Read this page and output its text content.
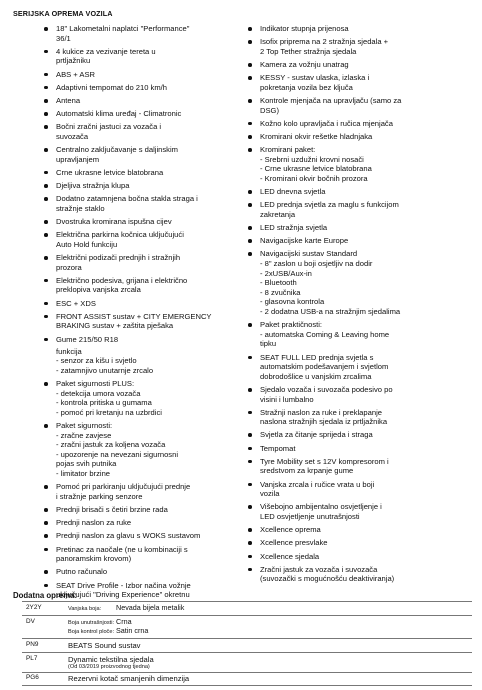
SERIJSKA OPREMA VOZILA
18" Lakometalni naplatci "Performance"
36/1
4 kukice za vezivanje tereta u
prtljažniku
ABS + ASR
Adaptivni tempomat do 210 km/h
Antena
Automatski klima uređaj - Climatronic
Bočni zračni jastuci za vozača i
suvozača
Centralno zaključavanje s daljinskim
upravljanjem
Crne ukrasne letvice blatobrana
Djeljiva stražnja klupa
Dodatno zatamnjena bočna stakla straga i
stražnje staklo
Dvostruka kromirana ispušna cijev
Električna parkirna kočnica uključujući
Auto Hold funkciju
Električni podizači prednjih i stražnjih
prozora
Električno podesiva, grijana i električno
preklopiva vanjska zrcala
ESC + XDS
FRONT ASSIST sustav + CITY EMERGENCY
BRAKING sustav + zaštita pješaka
Gume 215/50 R18
funkcija
- senzor za kišu i svjetlo
- zatamnjivo unutarnje zrcalo
Paket sigurnosti PLUS:
- detekcija umora vozača
- kontrola pritiska u gumama
- pomoć pri kretanju na uzbrdici
Paket sigurnosti:
- zračne zavjese
- zračni jastuk za koljena vozača
- upozorenje na nevezani sigurnosni
pojas svih putnika
- limitator brzine
Pomoć pri parkiranju uključujući prednje
i stražnje parking senzore
Prednji brisači s četiri brzine rada
Prednji naslon za ruke
Prednji naslon za glavu s WOKS sustavom
Pretinac za naočale (ne u kombinaciji s
panoramskim krovom)
Putno računalo
SEAT Drive Profile - Izbor načina vožnje
uključujući "Driving Experience" okretnu
Indikator stupnja prijenosa
Isofix pripremа na 2 stražnja sjedala +
2 Top Tether stražnja sjedala
Kamera za vožnju unatrag
KESSY - sustav ulaska, izlaska i
pokretanja vozila bez ključa
Kontrole mjenjača na upravljaču (samo za
DSG)
Kožno kolo upravljača i ručica mjenjača
Kromirani okvir rešetke hladnjaka
Kromirani paket:
- Srebrni uzdužni krovni nosači
- Crne ukrasne letvice blatobrana
- Kromirani okvir bočnih prozora
LED dnevna svjetla
LED prednja svjetla za maglu s funkcijom
zakretanja
LED stražnja svjetla
Navigacijske karte Europe
Navigacijski sustav Standard
- 8" zaslon u boji osjetljiv na dodir
- 2xUSB/Aux-in
- Bluetooth
- 8 zvučnika
- glasovna kontrola
- 2 dodatna USB-a na stražnjim sjedalima
Paket praktičnosti:
- automatska Coming & Leaving home
tipku
SEAT FULL LED prednja svjetla s
automatskim podešavanjem i svjetlom
dobrodošlice u vanjskim zrcalima
Sjedalo vozača i suvozača podesivo po
visini i lumbalno
Stražnji naslon za ruke i preklapanje
naslona stražnjih sjedala iz prtljažnika
Svjetla za čitanje sprijeda i straga
Tempomat
Tyre Mobility set s 12V kompresorom i
sredstvom za krpanje gume
Vanjska zrcala i ručice vrata u boji
vozila
Višebojno ambijentalno osvjetljenje i
LED osvjetljenje unutrašnjosti
Xcellence oprema
Xcellence presvlake
Xcellence sjedala
Zračni jastuk za vozača i suvozača
(suvozački s mogućnošću deaktiviranja)
Dodatna oprema:
2Y2Y	Vanjska boja: Nevada bijela metalik

DV	Boja unutrašnjosti: Crna
Boja kontrol ploče: Satin crna

PN9	BEATS Sound sustav
PL7	Dynamic tekstilna sjedala
(Od 03/2019 proizvodnog tjedna)

PG6	Rezervni kotač smanjenih dimenzija
